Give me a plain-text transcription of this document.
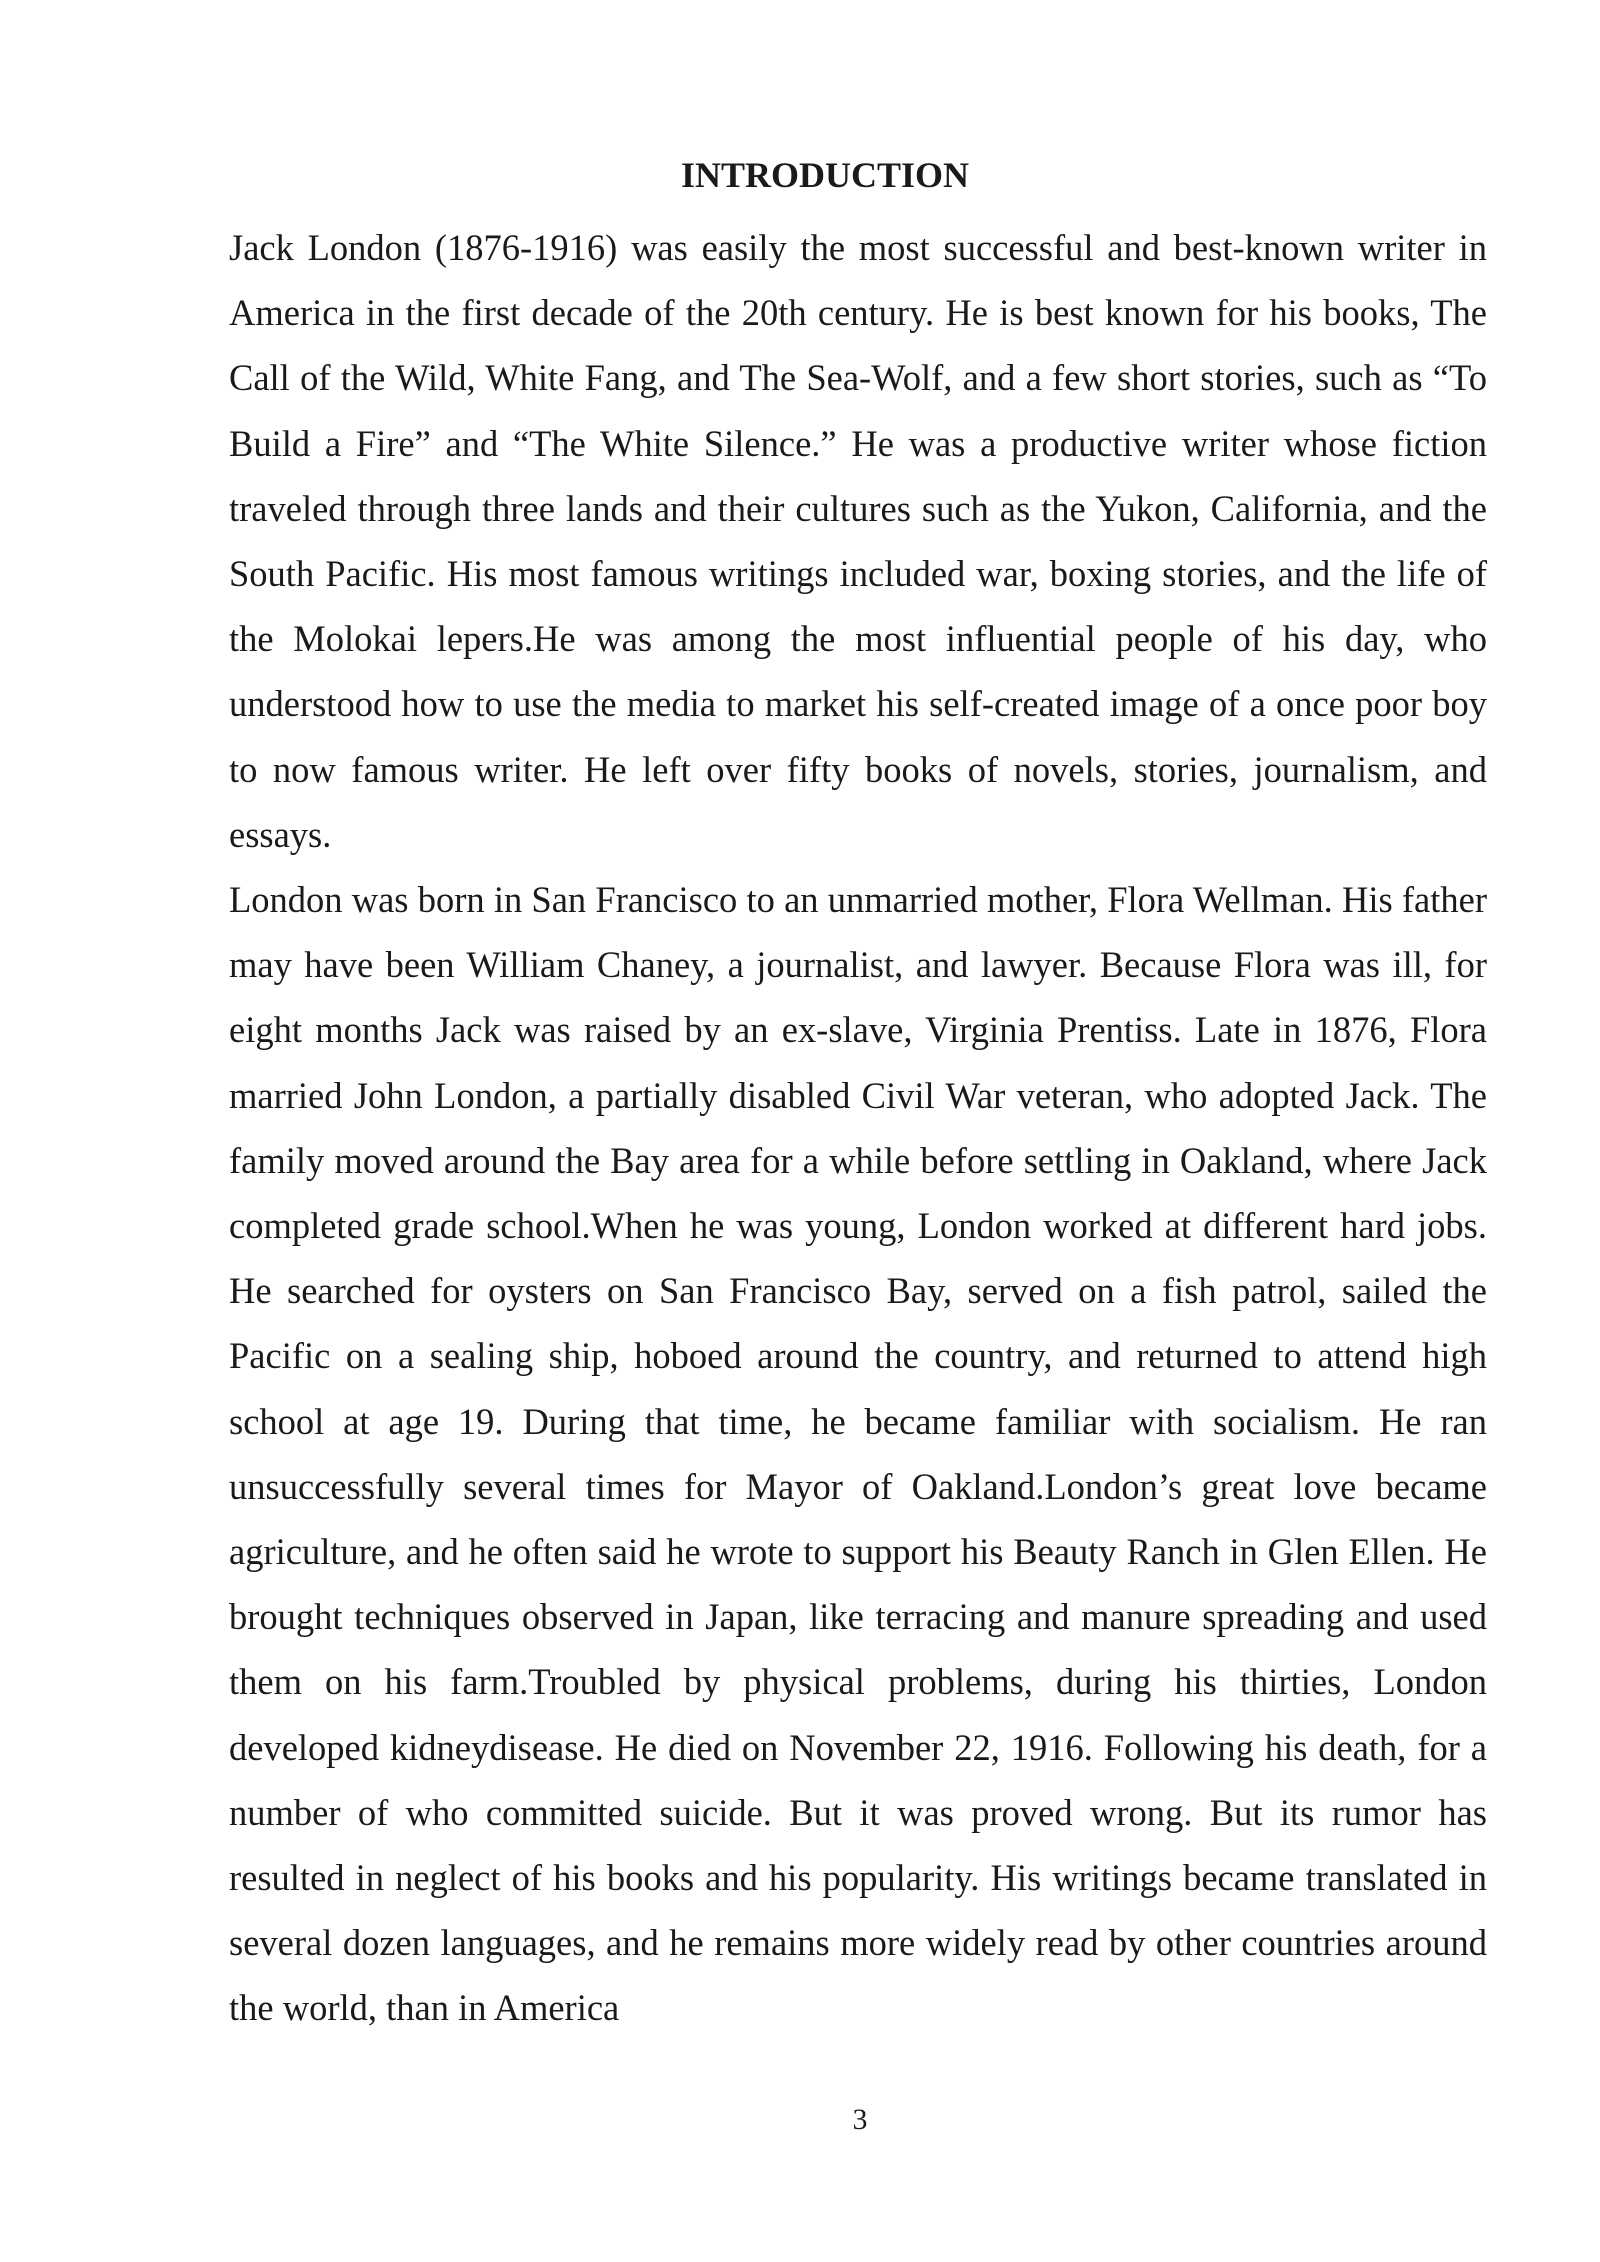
INTRODUCTION

Jack London (1876-1916) was easily the most successful and best-known writer in America in the first decade of the 20th century. He is best known for his books, The Call of the Wild, White Fang, and The Sea-Wolf, and a few short stories, such as “To Build a Fire” and “The White Silence.” He was a productive writer whose fiction traveled through three lands and their cultures such as the Yukon, California, and the South Pacific. His most famous writings included war, boxing stories, and the life of the Molokai lepers.He was among the most influential people of his day, who understood how to use the media to market his self-created image of a once poor boy to now famous writer. He left over fifty books of novels, stories, journalism, and essays.

London was born in San Francisco to an unmarried mother, Flora Wellman. His father may have been William Chaney, a journalist, and lawyer. Because Flora was ill, for eight months Jack was raised by an ex-slave, Virginia Prentiss. Late in 1876, Flora married John London, a partially disabled Civil War veteran, who adopted Jack. The family moved around the Bay area for a while before settling in Oakland, where Jack completed grade school.When he was young, London worked at different hard jobs. He searched for oysters on San Francisco Bay, served on a fish patrol, sailed the Pacific on a sealing ship, hoboed around the country, and returned to attend high school at age 19. During that time, he became familiar with socialism. He ran unsuccessfully several times for Mayor of Oakland.London’s great love became agriculture, and he often said he wrote to support his Beauty Ranch in Glen Ellen. He brought techniques observed in Japan, like terracing and manure spreading and used them on his farm.Troubled by physical problems, during his thirties, London developed kidneydisease. He died on November 22, 1916. Following his death, for a number of who committed suicide. But it was proved wrong. But its rumor has resulted in neglect of his books and his popularity. His writings became translated in several dozen languages, and he remains more widely read by other countries around the world, than in America

3
